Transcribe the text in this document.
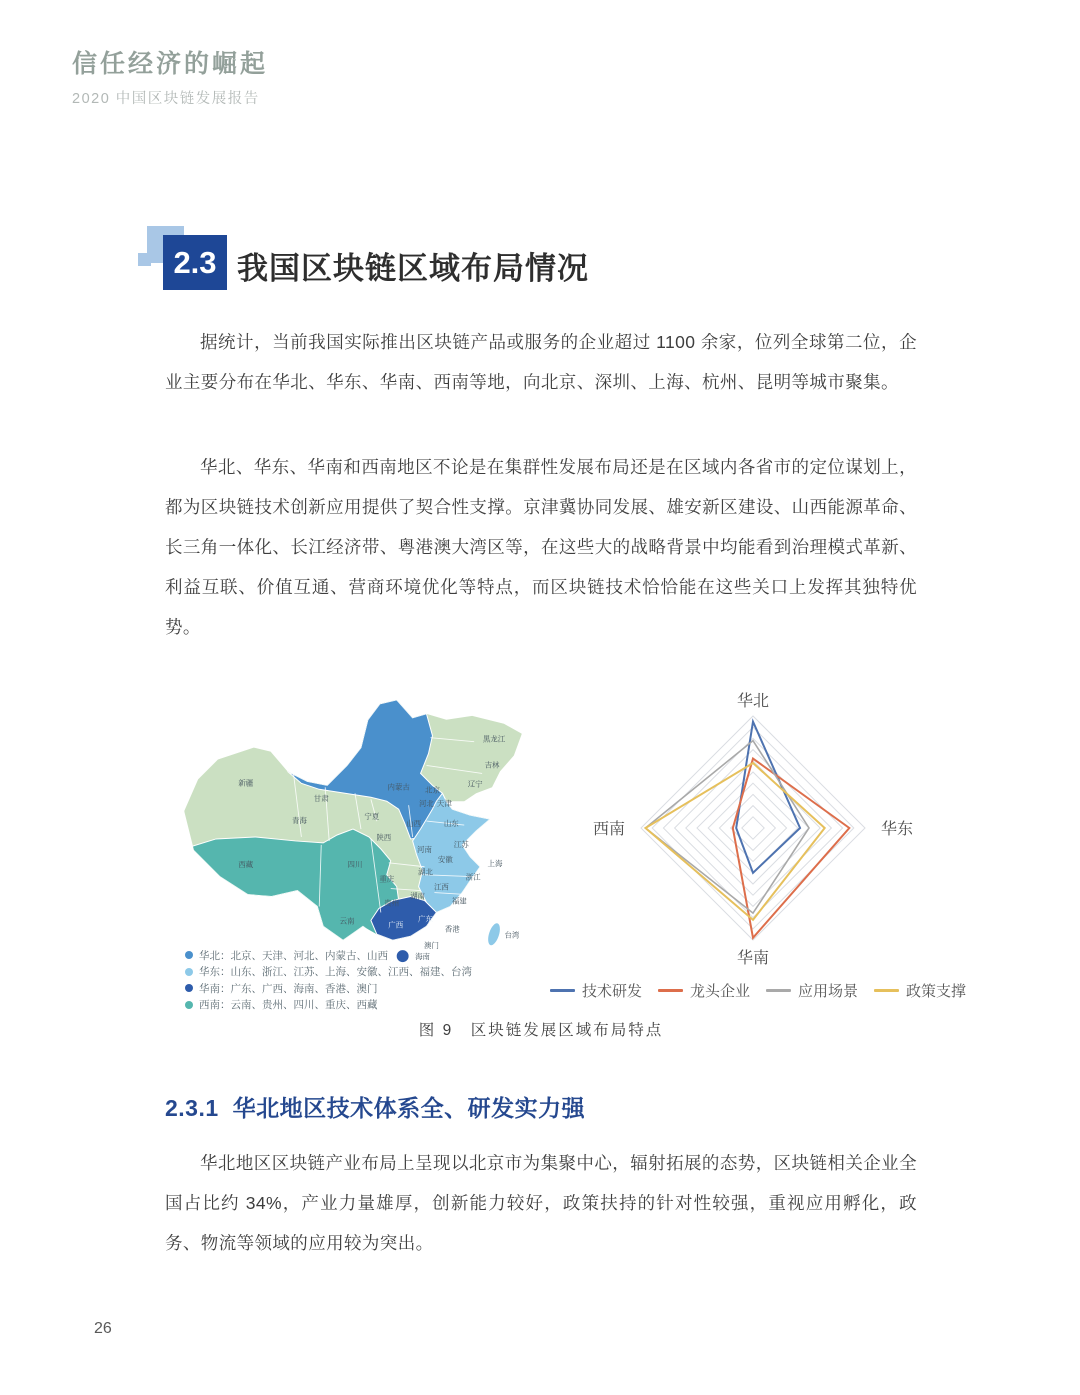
信任经济的崛起
2020 中国区块链发展报告
2.3 我国区块链区域布局情况
据统计，当前我国实际推出区块链产品或服务的企业超过 1100 余家，位列全球第二位，企业主要分布在华北、华东、华南、西南等地，向北京、深圳、上海、杭州、昆明等城市聚集。
华北、华东、华南和西南地区不论是在集群性发展布局还是在区域内各省市的定位谋划上，都为区块链技术创新应用提供了契合性支撑。京津冀协同发展、雄安新区建设、山西能源革命、长三角一体化、长江经济带、粤港澳大湾区等，在这些大的战略背景中均能看到治理模式革新、利益互联、价值互通、营商环境优化等特点，而区块链技术恰恰能在这些关口上发挥其独特优势。
黑龙江
吉林
辽宁
内蒙古 北京
天津
河北
山西	山东
江苏
上海
安徽
浙江
江西
福建
台湾
新疆
甘肃
青海	宁夏
陕西
河南
湖北
湖南
重庆
四川
贵州
云南
西藏
广西
广东
香港
澳门
海南
华北：北京、天津、河北、内蒙古、山西
华东：山东、浙江、江苏、上海、安徽、江西、福建、台湾
华南：广东、广西、海南、香港、澳门
西南：云南、贵州、四川、重庆、西藏
华北
华东
华南
西南
技术研发	龙头企业	应用场景	政策支撑
图 9　区块链发展区域布局特点
2.3.1 华北地区技术体系全、研发实力强
华北地区区块链产业布局上呈现以北京市为集聚中心，辐射拓展的态势，区块链相关企业全国占比约 34%，产业力量雄厚，创新能力较好，政策扶持的针对性较强，重视应用孵化，政务、物流等领域的应用较为突出。
26
